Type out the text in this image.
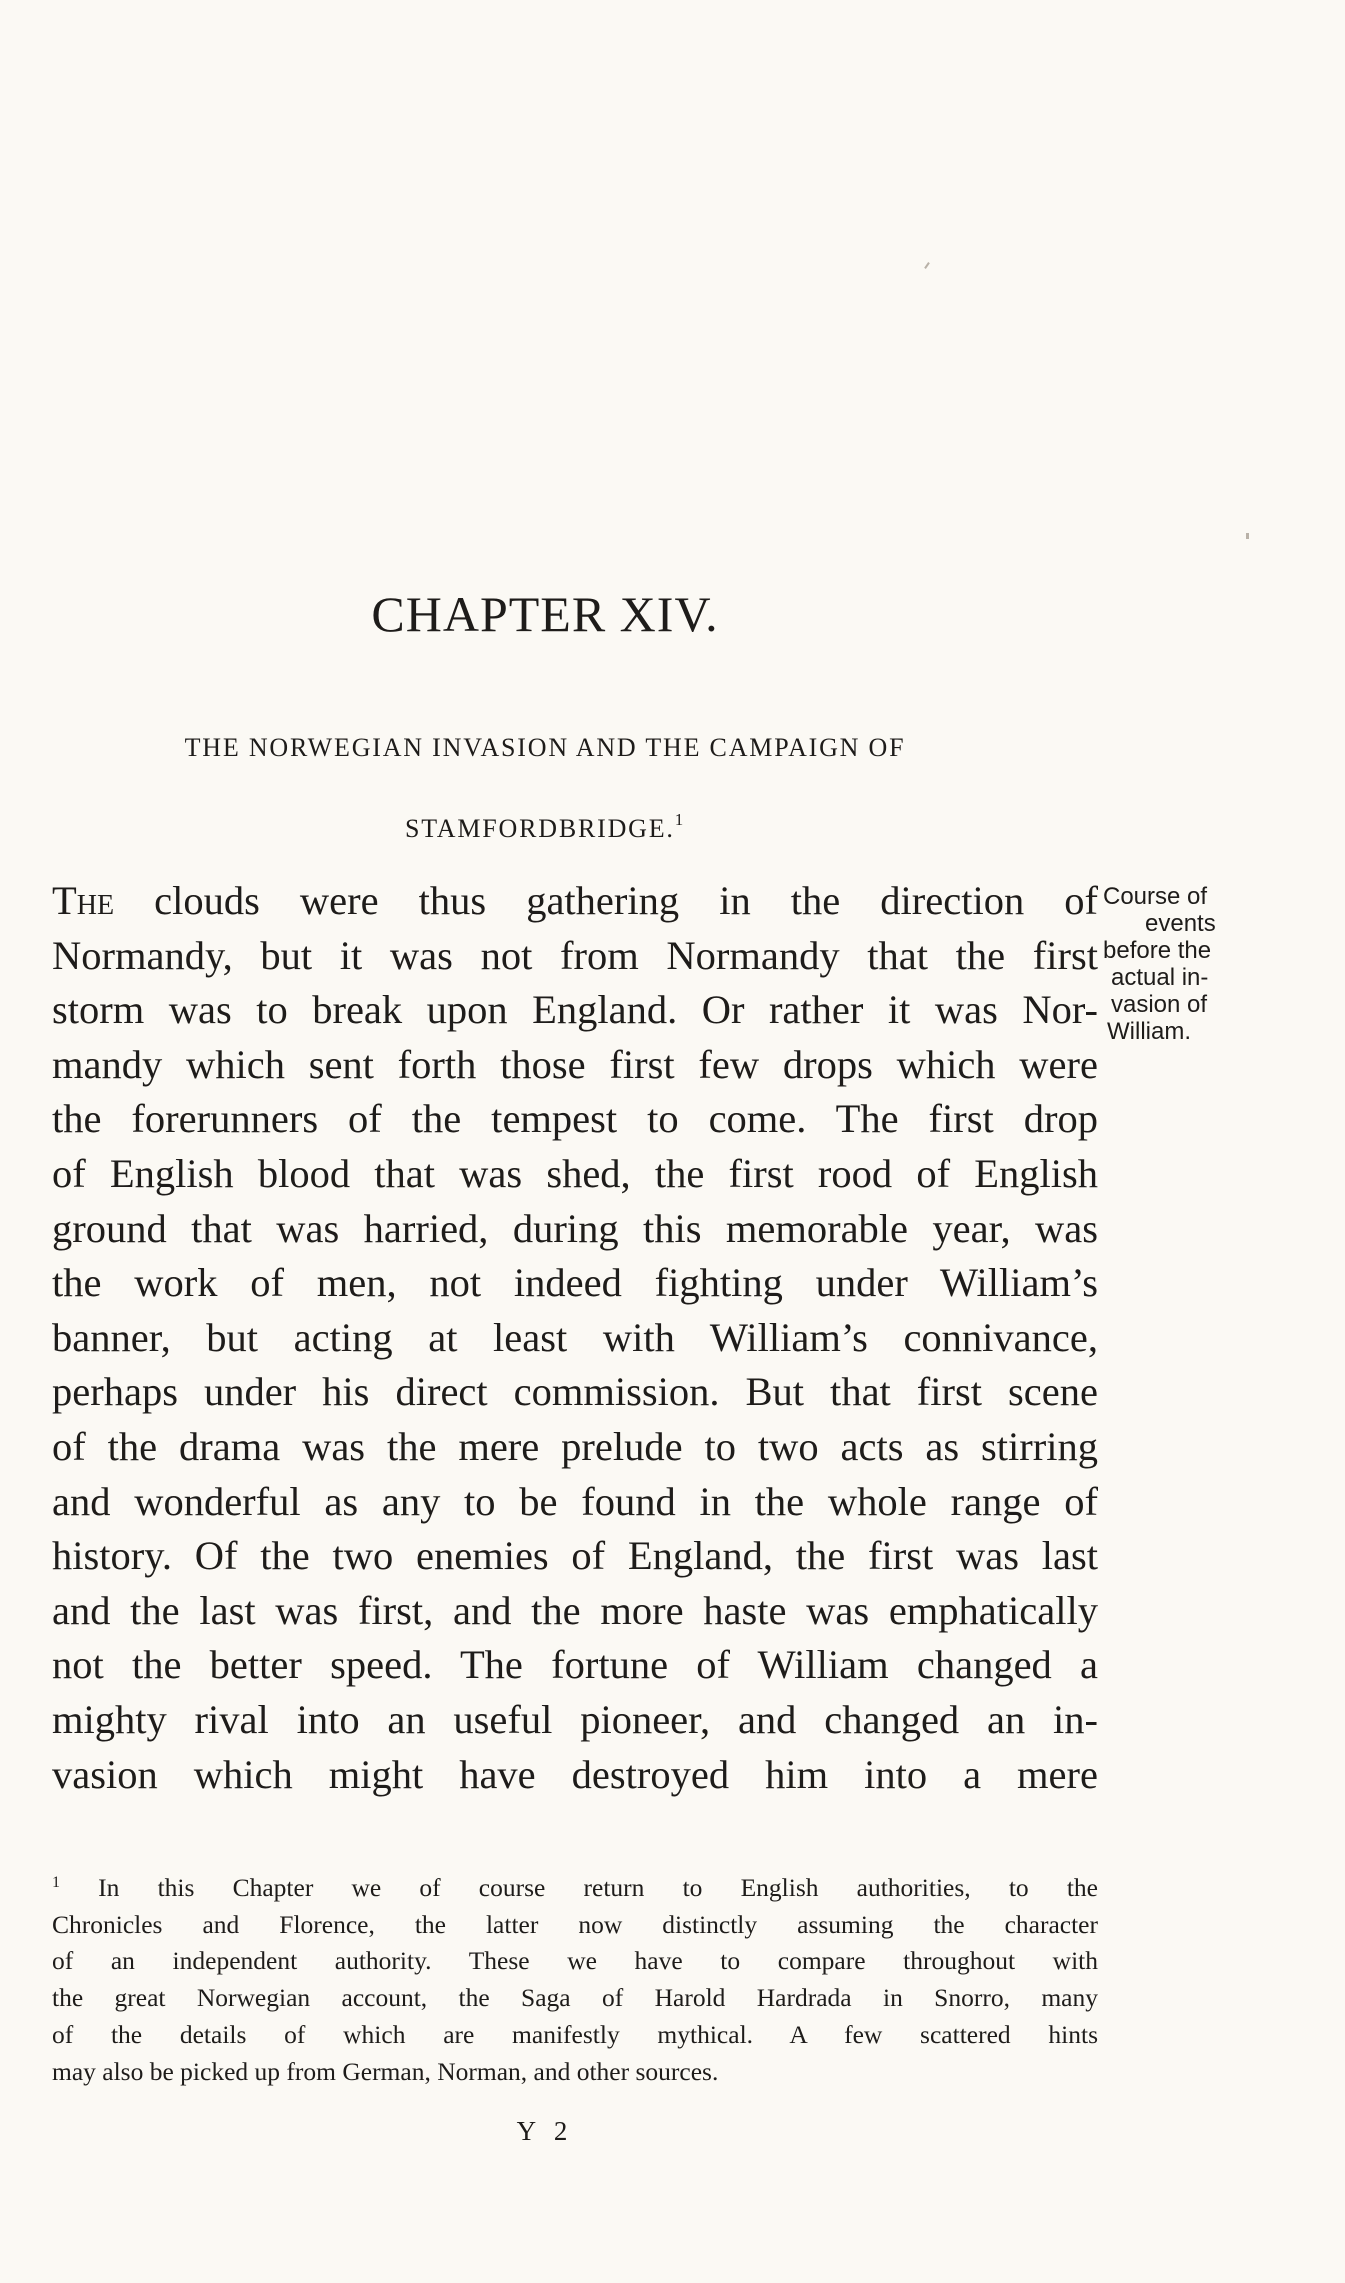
CHAPTER XIV.
THE NORWEGIAN INVASION AND THE CAMPAIGN OF
STAMFORDBRIDGE.$^1$
The clouds were thus gathering in the direction of
Normandy, but it was not from Normandy that the first
storm was to break upon England. Or rather it was Nor-
mandy which sent forth those first few drops which were
the forerunners of the tempest to come. The first drop
of English blood that was shed, the first rood of English
ground that was harried, during this memorable year, was
the work of men, not indeed fighting under William’s
banner, but acting at least with William’s connivance,
perhaps under his direct commission. But that first scene
of the drama was the mere prelude to two acts as stirring
and wonderful as any to be found in the whole range of
history. Of the two enemies of England, the first was last
and the last was first, and the more haste was emphatically
not the better speed. The fortune of William changed a
mighty rival into an useful pioneer, and changed an in-
vasion which might have destroyed him into a mere
Course of
events
before the
actual in-
vasion of
William.
$^1$ In this Chapter we of course return to English authorities, to the
Chronicles and Florence, the latter now distinctly assuming the character
of an independent authority. These we have to compare throughout with
the great Norwegian account, the Saga of Harold Hardrada in Snorro, many
of the details of which are manifestly mythical. A few scattered hints
may also be picked up from German, Norman, and other sources.
Y 2
